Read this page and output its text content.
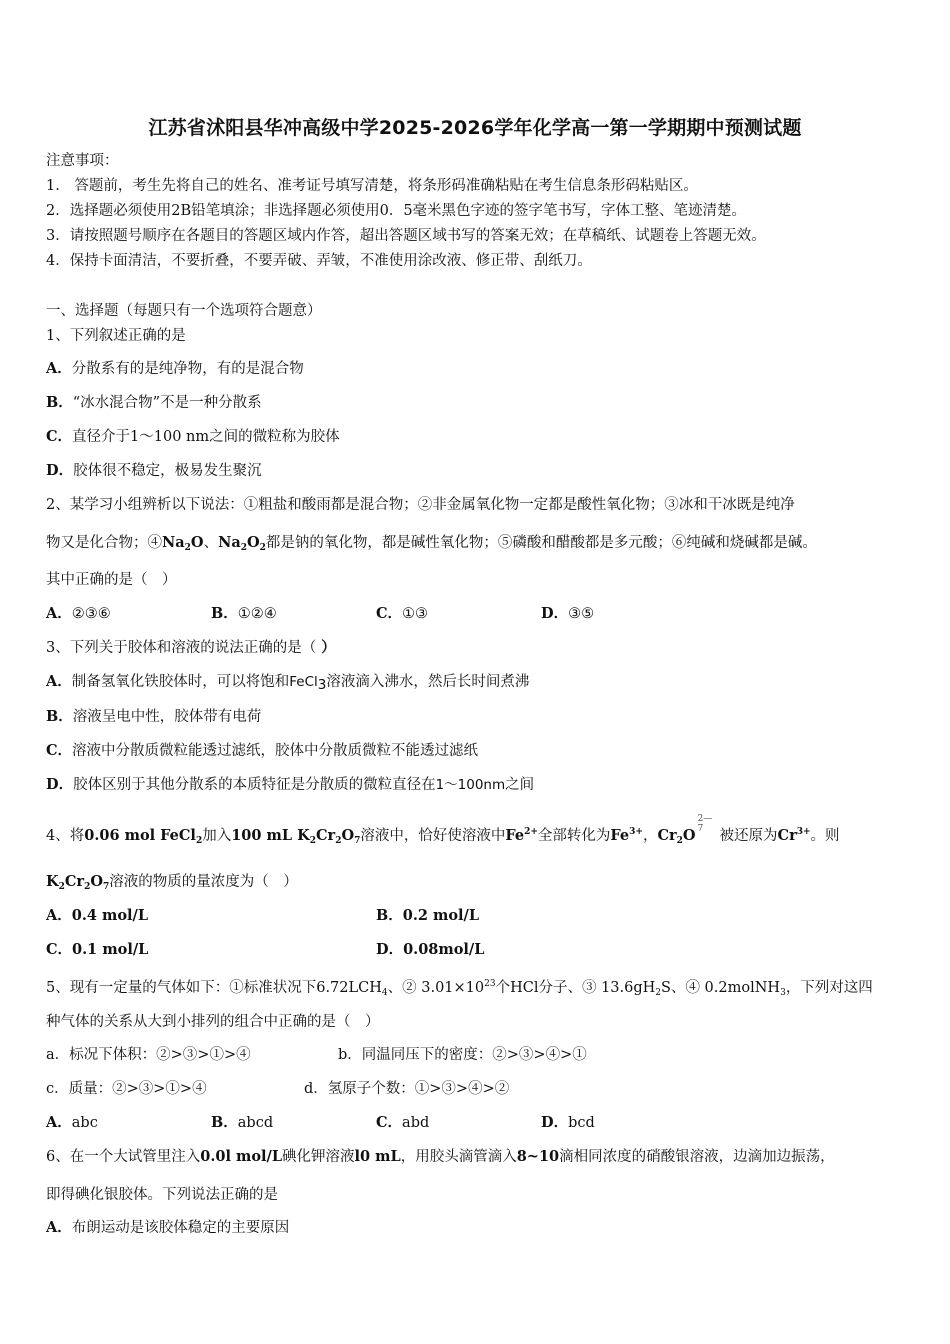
江苏省沭阳县华冲高级中学2025-2026学年化学高一第一学期期中预测试题
注意事项：
1.　答题前，考生先将自己的姓名、准考证号填写清楚，将条形码准确粘贴在考生信息条形码粘贴区。
2．选择题必须使用2B铅笔填涂；非选择题必须使用0．5毫米黑色字迹的签字笔书写，字体工整、笔迹清楚。
3．请按照题号顺序在各题目的答题区域内作答，超出答题区域书写的答案无效；在草稿纸、试题卷上答题无效。
4．保持卡面清洁，不要折叠，不要弄破、弄皱，不准使用涂改液、修正带、刮纸刀。
一、选择题（每题只有一个选项符合题意）
1、下列叙述正确的是
A．分散系有的是纯净物，有的是混合物
B．“冰水混合物”不是一种分散系
C．直径介于1～100 nm之间的微粒称为胶体
D．胶体很不稳定，极易发生聚沉
2、某学习小组辨析以下说法：①粗盐和酸雨都是混合物；②非金属氧化物一定都是酸性氧化物；③冰和干冰既是纯净
物又是化合物；$④Na_2O$、$Na_2O_2$都是钠的氧化物，都是碱性氧化物；⑤磷酸和醋酸都是多元酸；⑥纯碱和烧碱都是碱。
其中正确的是（　）
A．②③⑥	B．①②④	C．①③	D．③⑤
3、下列关于胶体和溶液的说法正确的是（ ）
A．制备氢氧化铁胶体时，可以将饱和FeCl$_3$溶液滴入沸水，然后长时间煮沸
B．溶液呈电中性，胶体带有电荷
C．溶液中分散质微粒能透过滤纸，胶体中分散质微粒不能透过滤纸
D．胶体区别于其他分散系的本质特征是分散质的微粒直径在1～100nm之间
4、将0.06 mol FeCl$_2$加入100 mL $K_2Cr_2O_7$溶液中，恰好使溶液中$Fe^{2+}$全部转化为$Fe^{3+}$，$Cr_2O$
2—
7 被还原为$Cr^{3+}$。则
$K_2Cr_2O_7$溶液的物质的量浓度为（　）
A．0.4 mol/L	B．0.2 mol/L
C．0.1 mol/L	D．0.08mol/L
5、现有一定量的气体如下：①标准状况下$6.72LCH_4$、② $3.01\times 10^{23}$个HCl分子、③ $13.6gH_2S$、④ 0.2molNH$_3$，下列对这四
种气体的关系从大到小排列的组合中正确的是（　）
a．标况下体积：②>③>①>④	b．同温同压下的密度：②>③>④>①
c．质量：②>③>①>④	d．氢原子个数：①>③>④>②
A．abc	B．abcd	C．abd	D．bcd
6、在一个大试管里注入0.0l mol/L碘化钾溶液l0 mL，用胶头滴管滴入8~10滴相同浓度的硝酸银溶液，边滴加边振荡，
即得碘化银胶体。下列说法正确的是
A．布朗运动是该胶体稳定的主要原因
